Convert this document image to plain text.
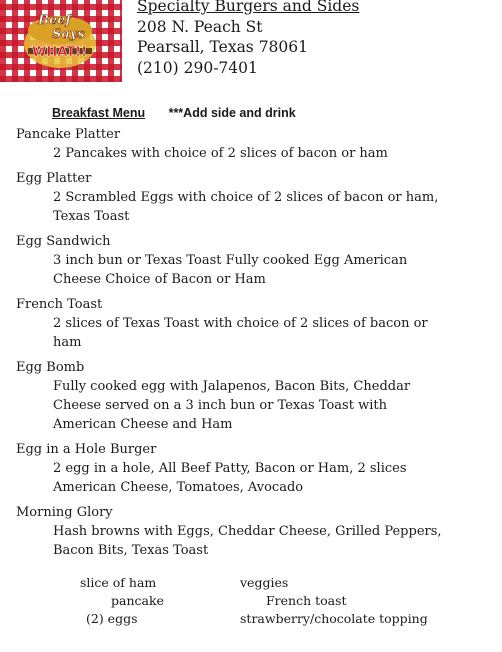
Beef
Says
WHAT!!
Specialty Burgers and Sides
208 N. Peach St
Pearsall, Texas 78061
(210) 290-7401
Breakfast Menu ***Add side and drink
Pancake Platter
2 Pancakes with choice of 2 slices of bacon or ham
Egg Platter
2 Scrambled Eggs with choice of 2 slices of bacon or ham,
Texas Toast
Egg Sandwich
3 inch bun or Texas Toast Fully cooked Egg American
Cheese Choice of Bacon or Ham
French Toast
2 slices of Texas Toast with choice of 2 slices of bacon or
ham
Egg Bomb
Fully cooked egg with Jalapenos, Bacon Bits, Cheddar
Cheese served on a 3 inch bun or Texas Toast with
American Cheese and Ham
Egg in a Hole Burger
2 egg in a hole, All Beef Patty, Bacon or Ham, 2 slices
American Cheese, Tomatoes, Avocado
Morning Glory
Hash browns with Eggs, Cheddar Cheese, Grilled Peppers,
Bacon Bits, Texas Toast
slice of ham
pancake
(2) eggs
veggies
French toast
strawberry/chocolate topping
